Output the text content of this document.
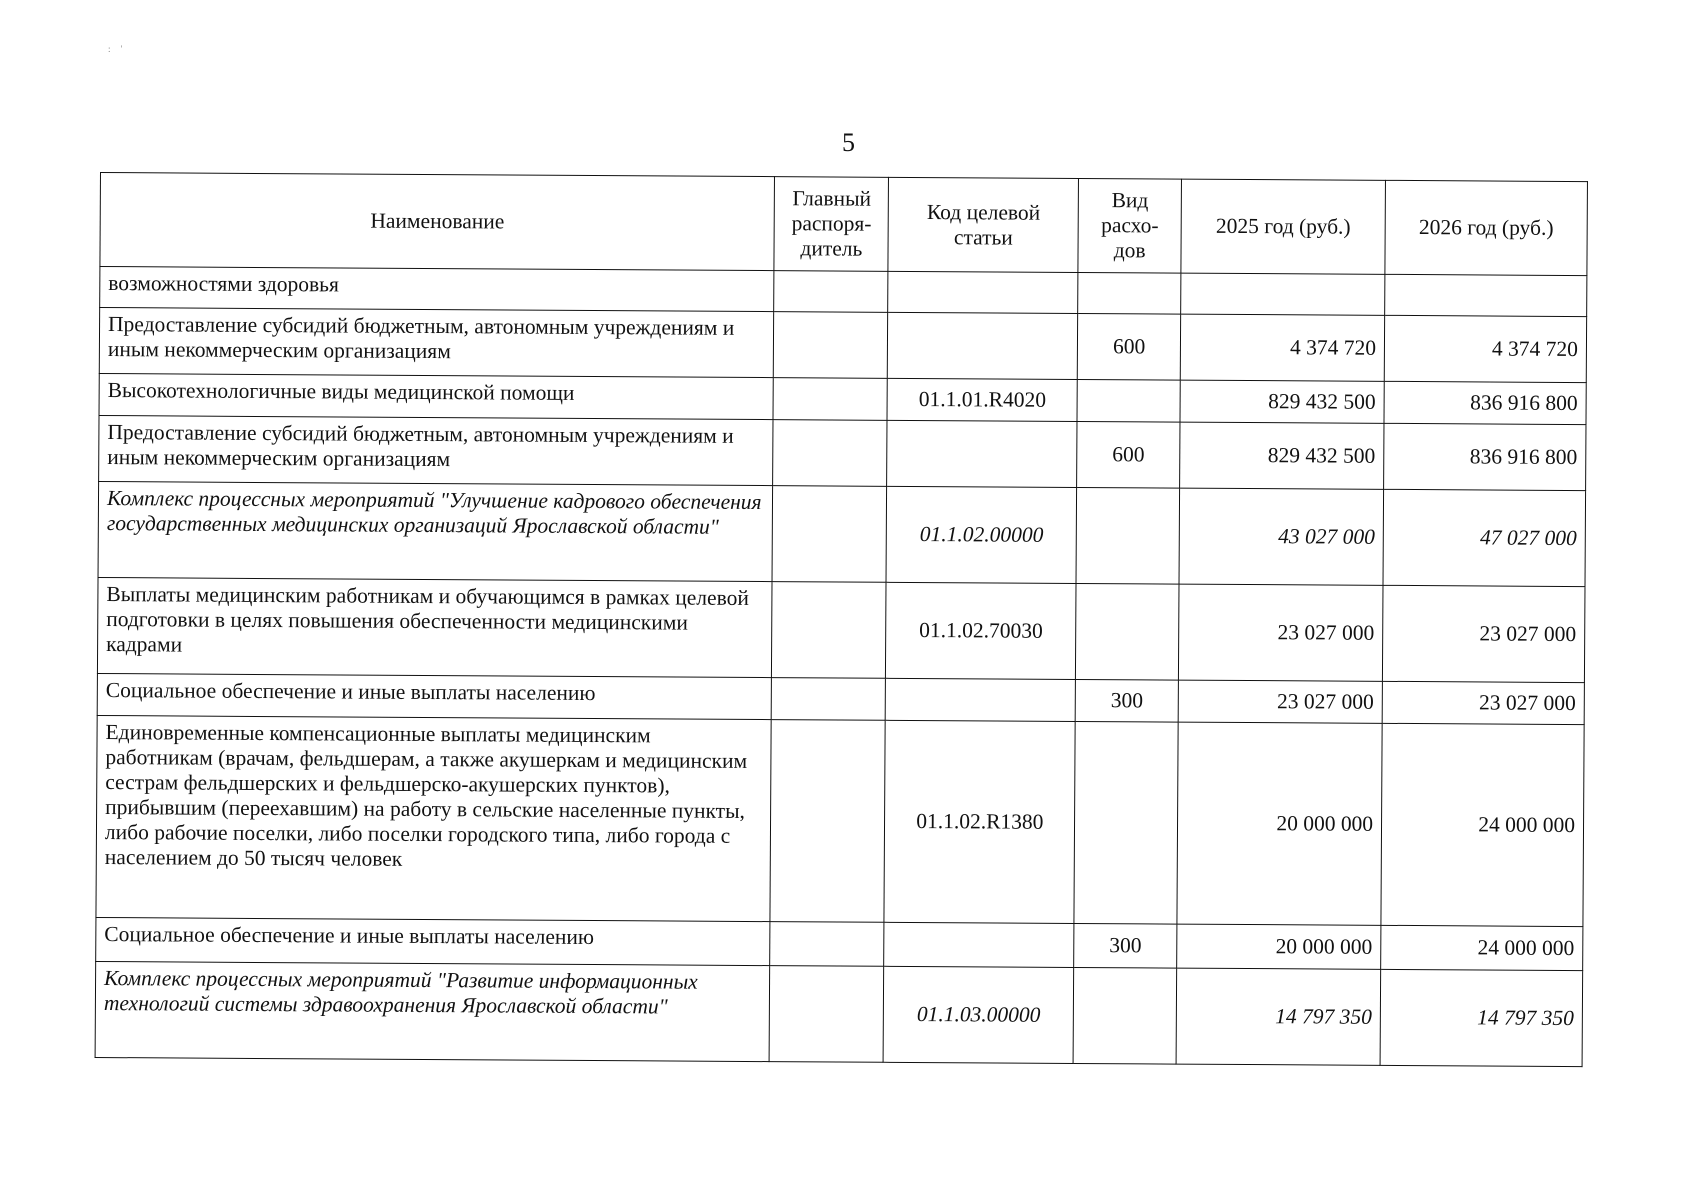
: '
5
Наименование	Главный распоря-дитель	Код целевой статьи	Вид расхо-дов	2025 год (руб.)	2026 год (руб.)
возможностями здоровья					
Предоставление субсидий бюджетным, автономным учреждениям и иным некоммерческим организациям			600	4 374 720	4 374 720
Высокотехнологичные виды медицинской помощи		01.1.01.R4020		829 432 500	836 916 800
Предоставление субсидий бюджетным, автономным учреждениям и иным некоммерческим организациям			600	829 432 500	836 916 800
Комплекс процессных мероприятий "Улучшение кадрового обеспечения государственных медицинских организаций Ярославской области"		01.1.02.00000		43 027 000	47 027 000
Выплаты медицинским работникам и обучающимся в рамках целевой подготовки в целях повышения обеспеченности медицинскими кадрами		01.1.02.70030		23 027 000	23 027 000
Социальное обеспечение и иные выплаты населению			300	23 027 000	23 027 000
Единовременные компенсационные выплаты медицинским работникам (врачам, фельдшерам, а также акушеркам и медицинским сестрам фельдшерских и фельдшерско-акушерских пунктов), прибывшим (переехавшим) на работу в сельские населенные пункты, либо рабочие поселки, либо поселки городского типа, либо города с населением до 50 тысяч человек		01.1.02.R1380		20 000 000	24 000 000
Социальное обеспечение и иные выплаты населению			300	20 000 000	24 000 000
Комплекс процессных мероприятий "Развитие информационных технологий системы здравоохранения Ярославской области"		01.1.03.00000		14 797 350	14 797 350
